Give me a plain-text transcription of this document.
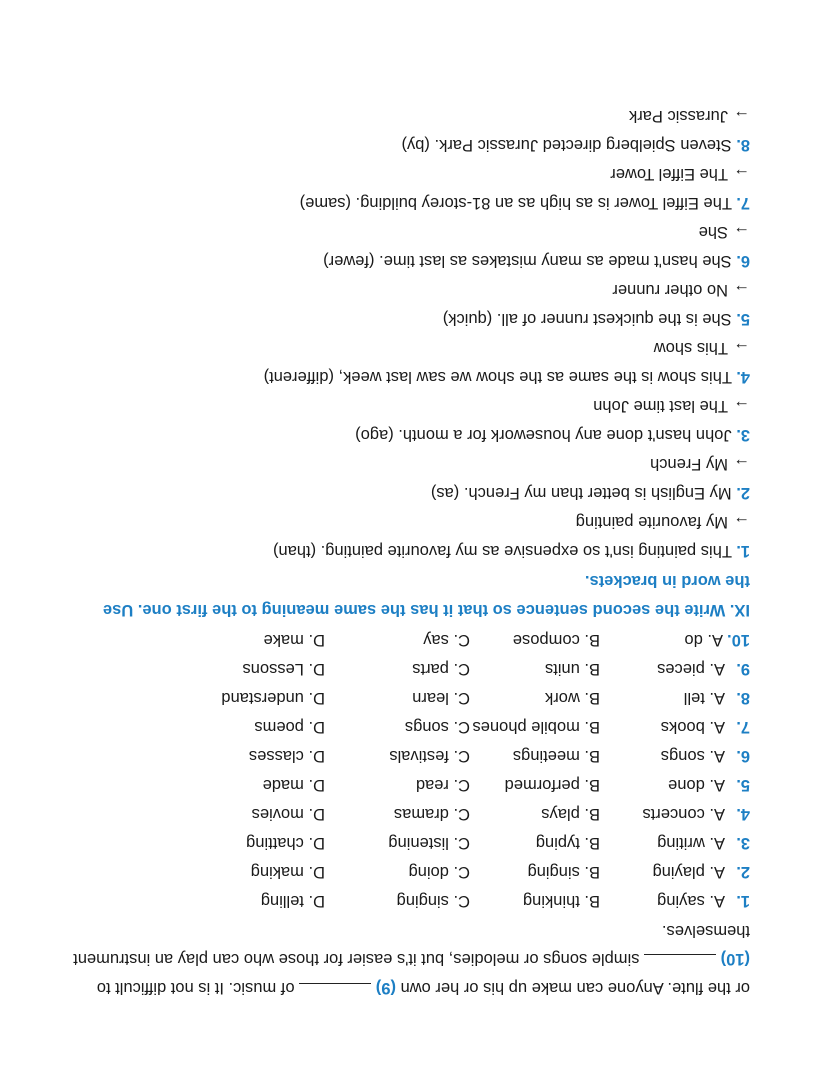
or the flute. Anyone can make up his or her own (9)  of music. It is not difficult to
(10)  simple songs or melodies, but it's easier for those who can play an instrument
themselves.
1.
A. saying
B. thinking
C. singing
D. telling
2.
A. playing
B. singing
C. doing
D. making
3.
A. writing
B. typing
C. listening
D. chatting
4.
A. concerts
B. plays
C. dramas
D. movies
5.
A. done
B. performed
C. read
D. made
6.
A. songs
B. meetings
C. festivals
D. classes
7.
A. books
B. mobile phones
C. songs
D. poems
8.
A. tell
B. work
C. learn
D. understand
9.
A. pieces
B. units
C. parts
D. Lessons
10.
A. do
B. compose
C. say
D. make
IX. Write the second sentence so that it has the same meaning to the first one. Use
the word in brackets.
1. This painting isn't so expensive as my favourite painting. (than)
→My favourite painting
2. My English is better than my French. (as)
→My French
3. John hasn't done any housework for a month. (ago)
→The last time John
4. This show is the same as the show we saw last week, (different)
→This show
5. She is the quickest runner of all. (quick)
→No other runner
6. She hasn't made as many mistakes as last time. (fewer)
→She
7. The Eiffel Tower is as high as an 81-storey building. (same)
→The Eiffel Tower
8. Steven Spielberg directed Jurassic Park. (by)
→Jurassic Park
